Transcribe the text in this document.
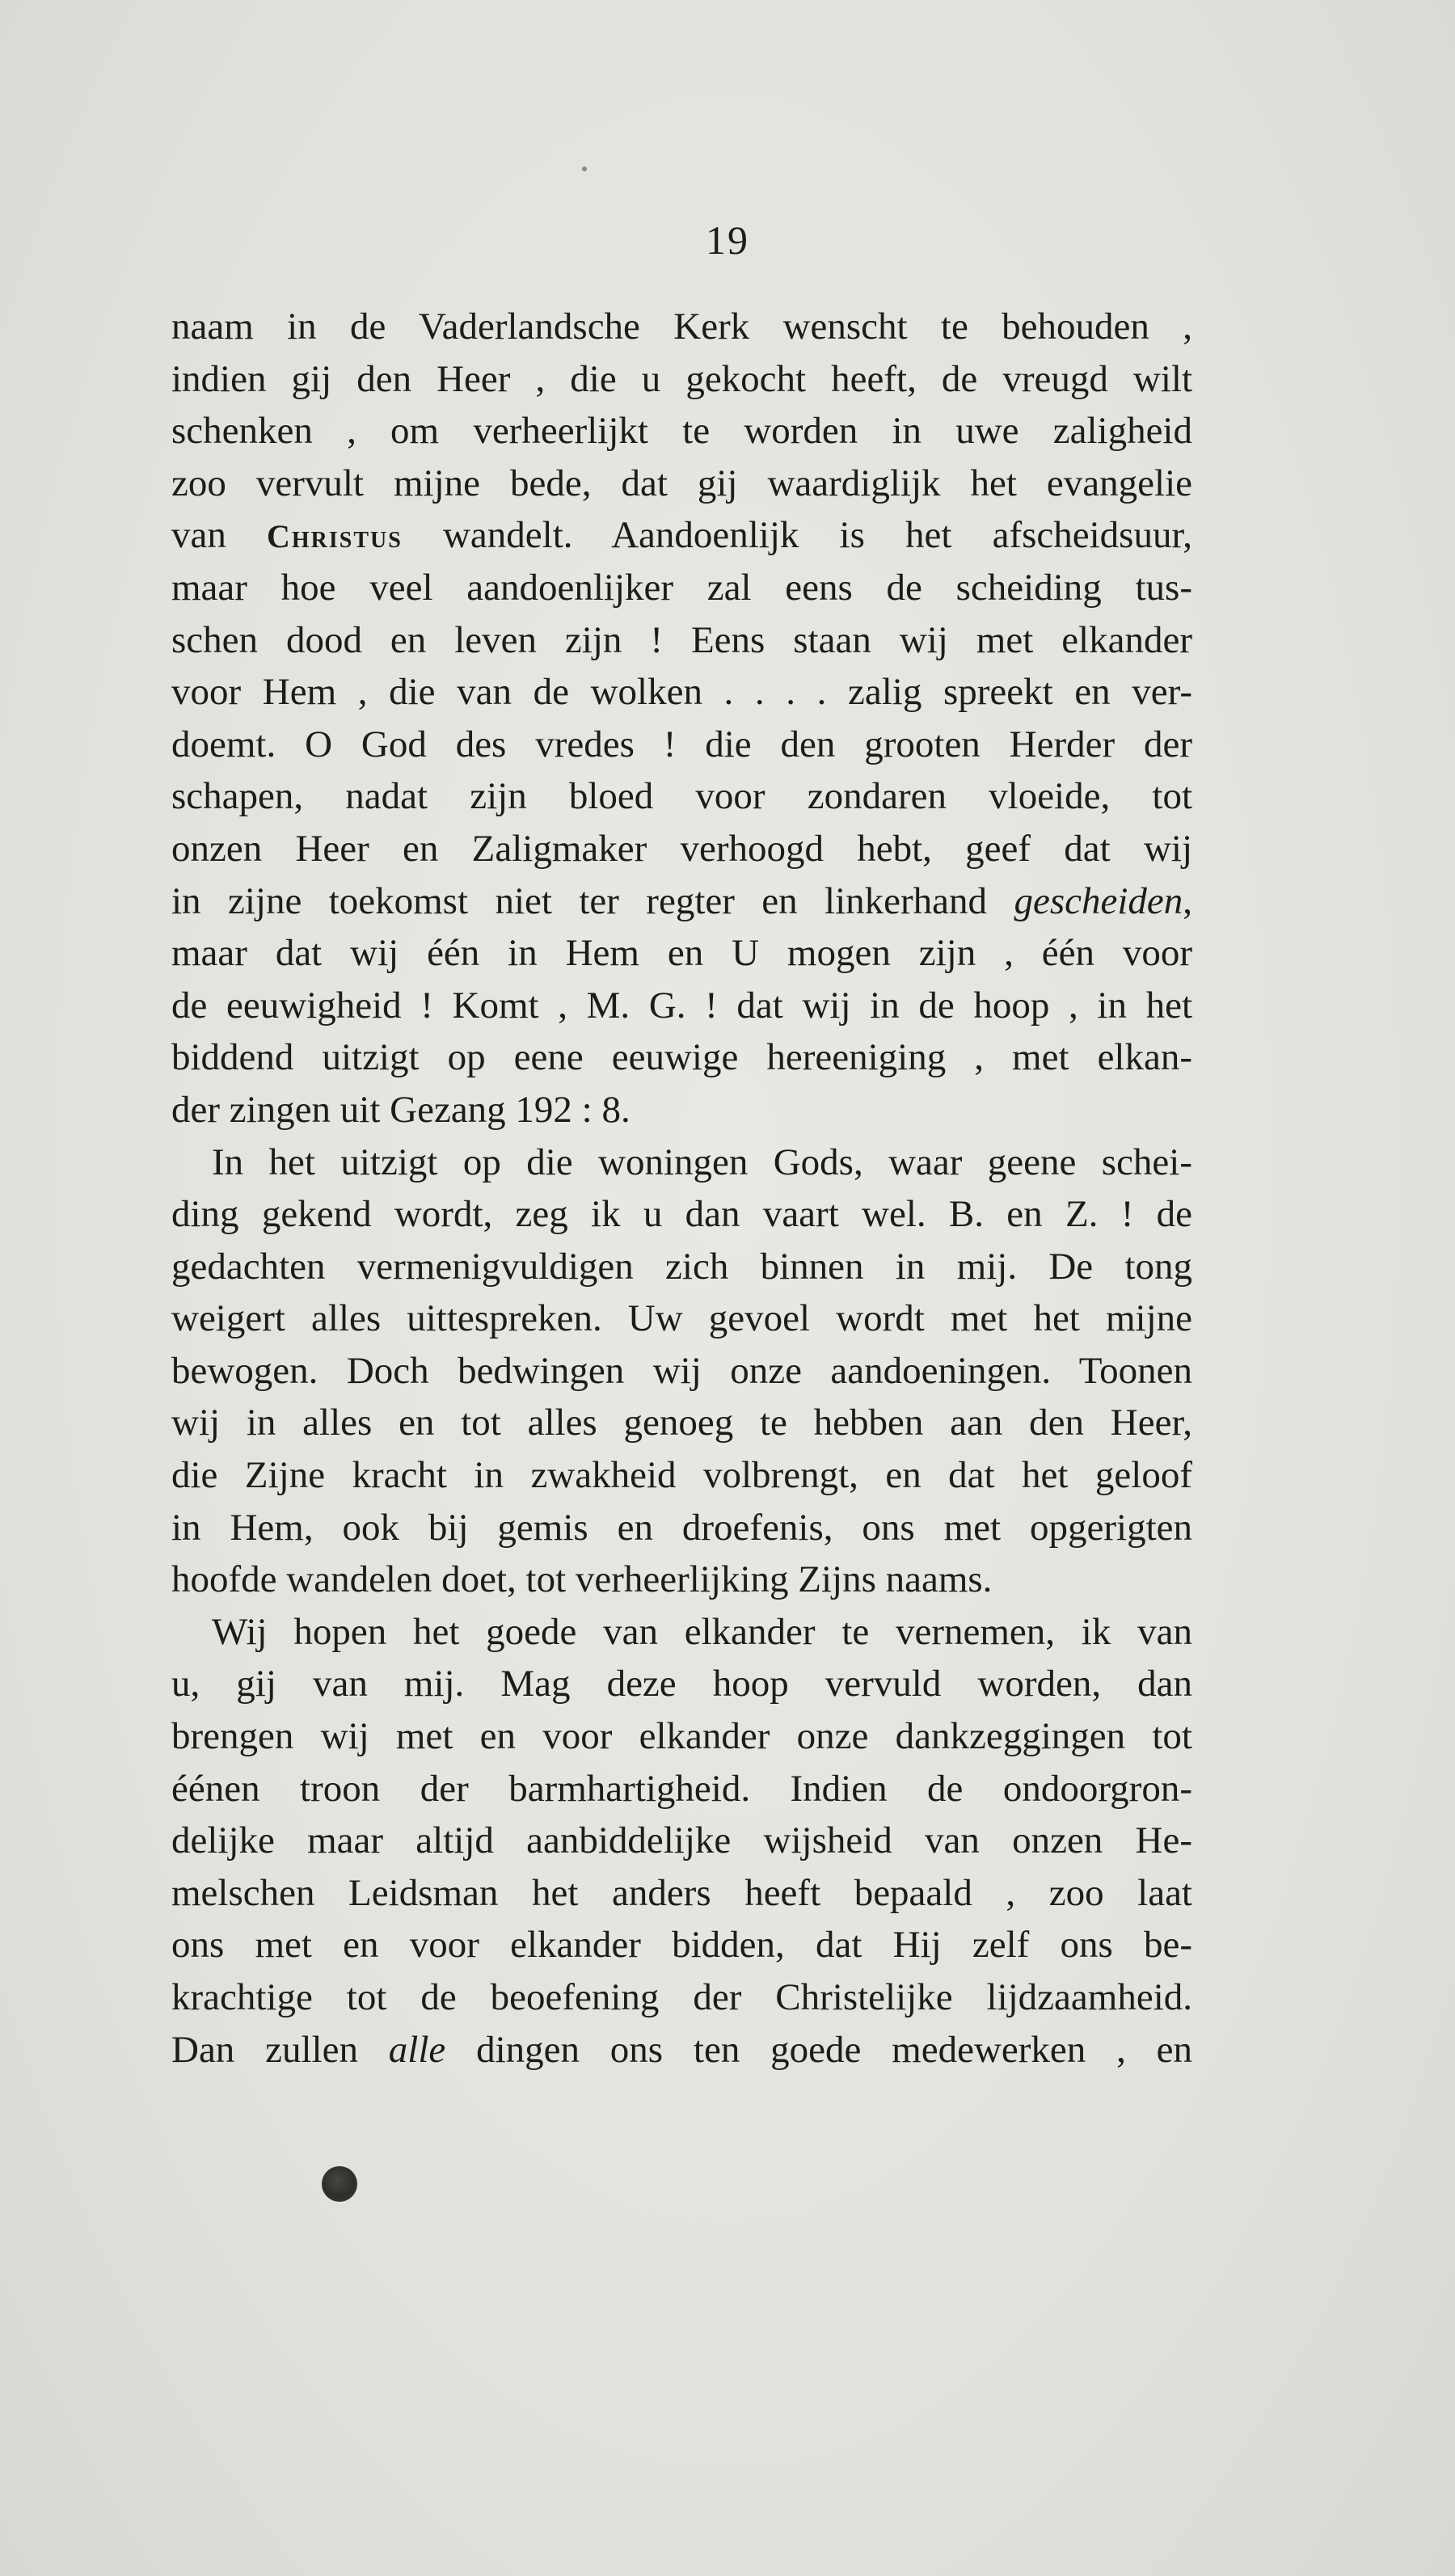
19
naam in de Vaderlandsche Kerk wenscht te behouden ,
indien gij den Heer , die u gekocht heeft, de vreugd wilt
schenken , om verheerlijkt te worden in uwe zaligheid
zoo vervult mijne bede, dat gij waardiglijk het evangelie
van Christus wandelt. Aandoenlijk is het afscheidsuur,
maar hoe veel aandoenlijker zal eens de scheiding tus-
schen dood en leven zijn ! Eens staan wij met elkander
voor Hem , die van de wolken . . . . zalig spreekt en ver-
doemt. O God des vredes ! die den grooten Herder der
schapen, nadat zijn bloed voor zondaren vloeide, tot
onzen Heer en Zaligmaker verhoogd hebt, geef dat wij
in zijne toekomst niet ter regter en linkerhand gescheiden,
maar dat wij één in Hem en U mogen zijn , één voor
de eeuwigheid ! Komt , M. G. ! dat wij in de hoop , in het
biddend uitzigt op eene eeuwige hereeniging , met elkan-
der zingen uit Gezang 192 : 8.
In het uitzigt op die woningen Gods, waar geene schei-
ding gekend wordt, zeg ik u dan vaart wel. B. en Z. ! de
gedachten vermenigvuldigen zich binnen in mij. De tong
weigert alles uittespreken. Uw gevoel wordt met het mijne
bewogen. Doch bedwingen wij onze aandoeningen. Toonen
wij in alles en tot alles genoeg te hebben aan den Heer,
die Zijne kracht in zwakheid volbrengt, en dat het geloof
in Hem, ook bij gemis en droefenis, ons met opgerigten
hoofde wandelen doet, tot verheerlijking Zijns naams.
Wij hopen het goede van elkander te vernemen, ik van
u, gij van mij. Mag deze hoop vervuld worden, dan
brengen wij met en voor elkander onze dankzeggingen tot
éénen troon der barmhartigheid. Indien de ondoorgron-
delijke maar altijd aanbiddelijke wijsheid van onzen He-
melschen Leidsman het anders heeft bepaald , zoo laat
ons met en voor elkander bidden, dat Hij zelf ons be-
krachtige tot de beoefening der Christelijke lijdzaamheid.
Dan zullen alle dingen ons ten goede medewerken , en
